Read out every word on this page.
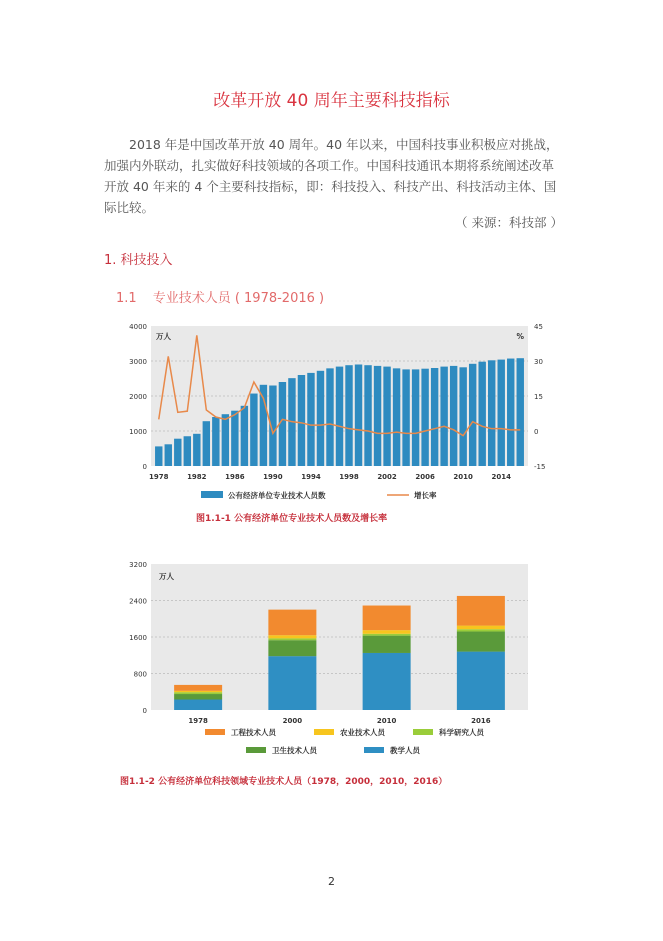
改革开放 40 周年主要科技指标
2018 年是中国改革开放 40 周年。40 年以来，中国科技事业积极应对挑战，加强内外联动，扎实做好科技领域的各项工作。中国科技通讯本期将系统阐述改革开放 40 年来的 4 个主要科技指标，即：科技投入、科技产出、科技活动主体、国际比较。
（ 来源：科技部 ）
1. 科技投入
1.1 专业技术人员 ( 1978-2016 )
4000
3000
2000
1000
0
45
30
15
0
-15
万人	%
1978	1982	1986	1990	1994	1998	2002	2006	2010	2014
公有经济单位专业技术人员数	增长率
图1.1-1 公有经济单位专业技术人员数及增长率
3200
2400
1600
800
0
万人
1978	2000	2010	2016
工程技术人员	农业技术人员	科学研究人员
卫生技术人员	教学人员
图1.1-2 公有经济单位科技领域专业技术人员（1978，2000，2010，2016）
2
